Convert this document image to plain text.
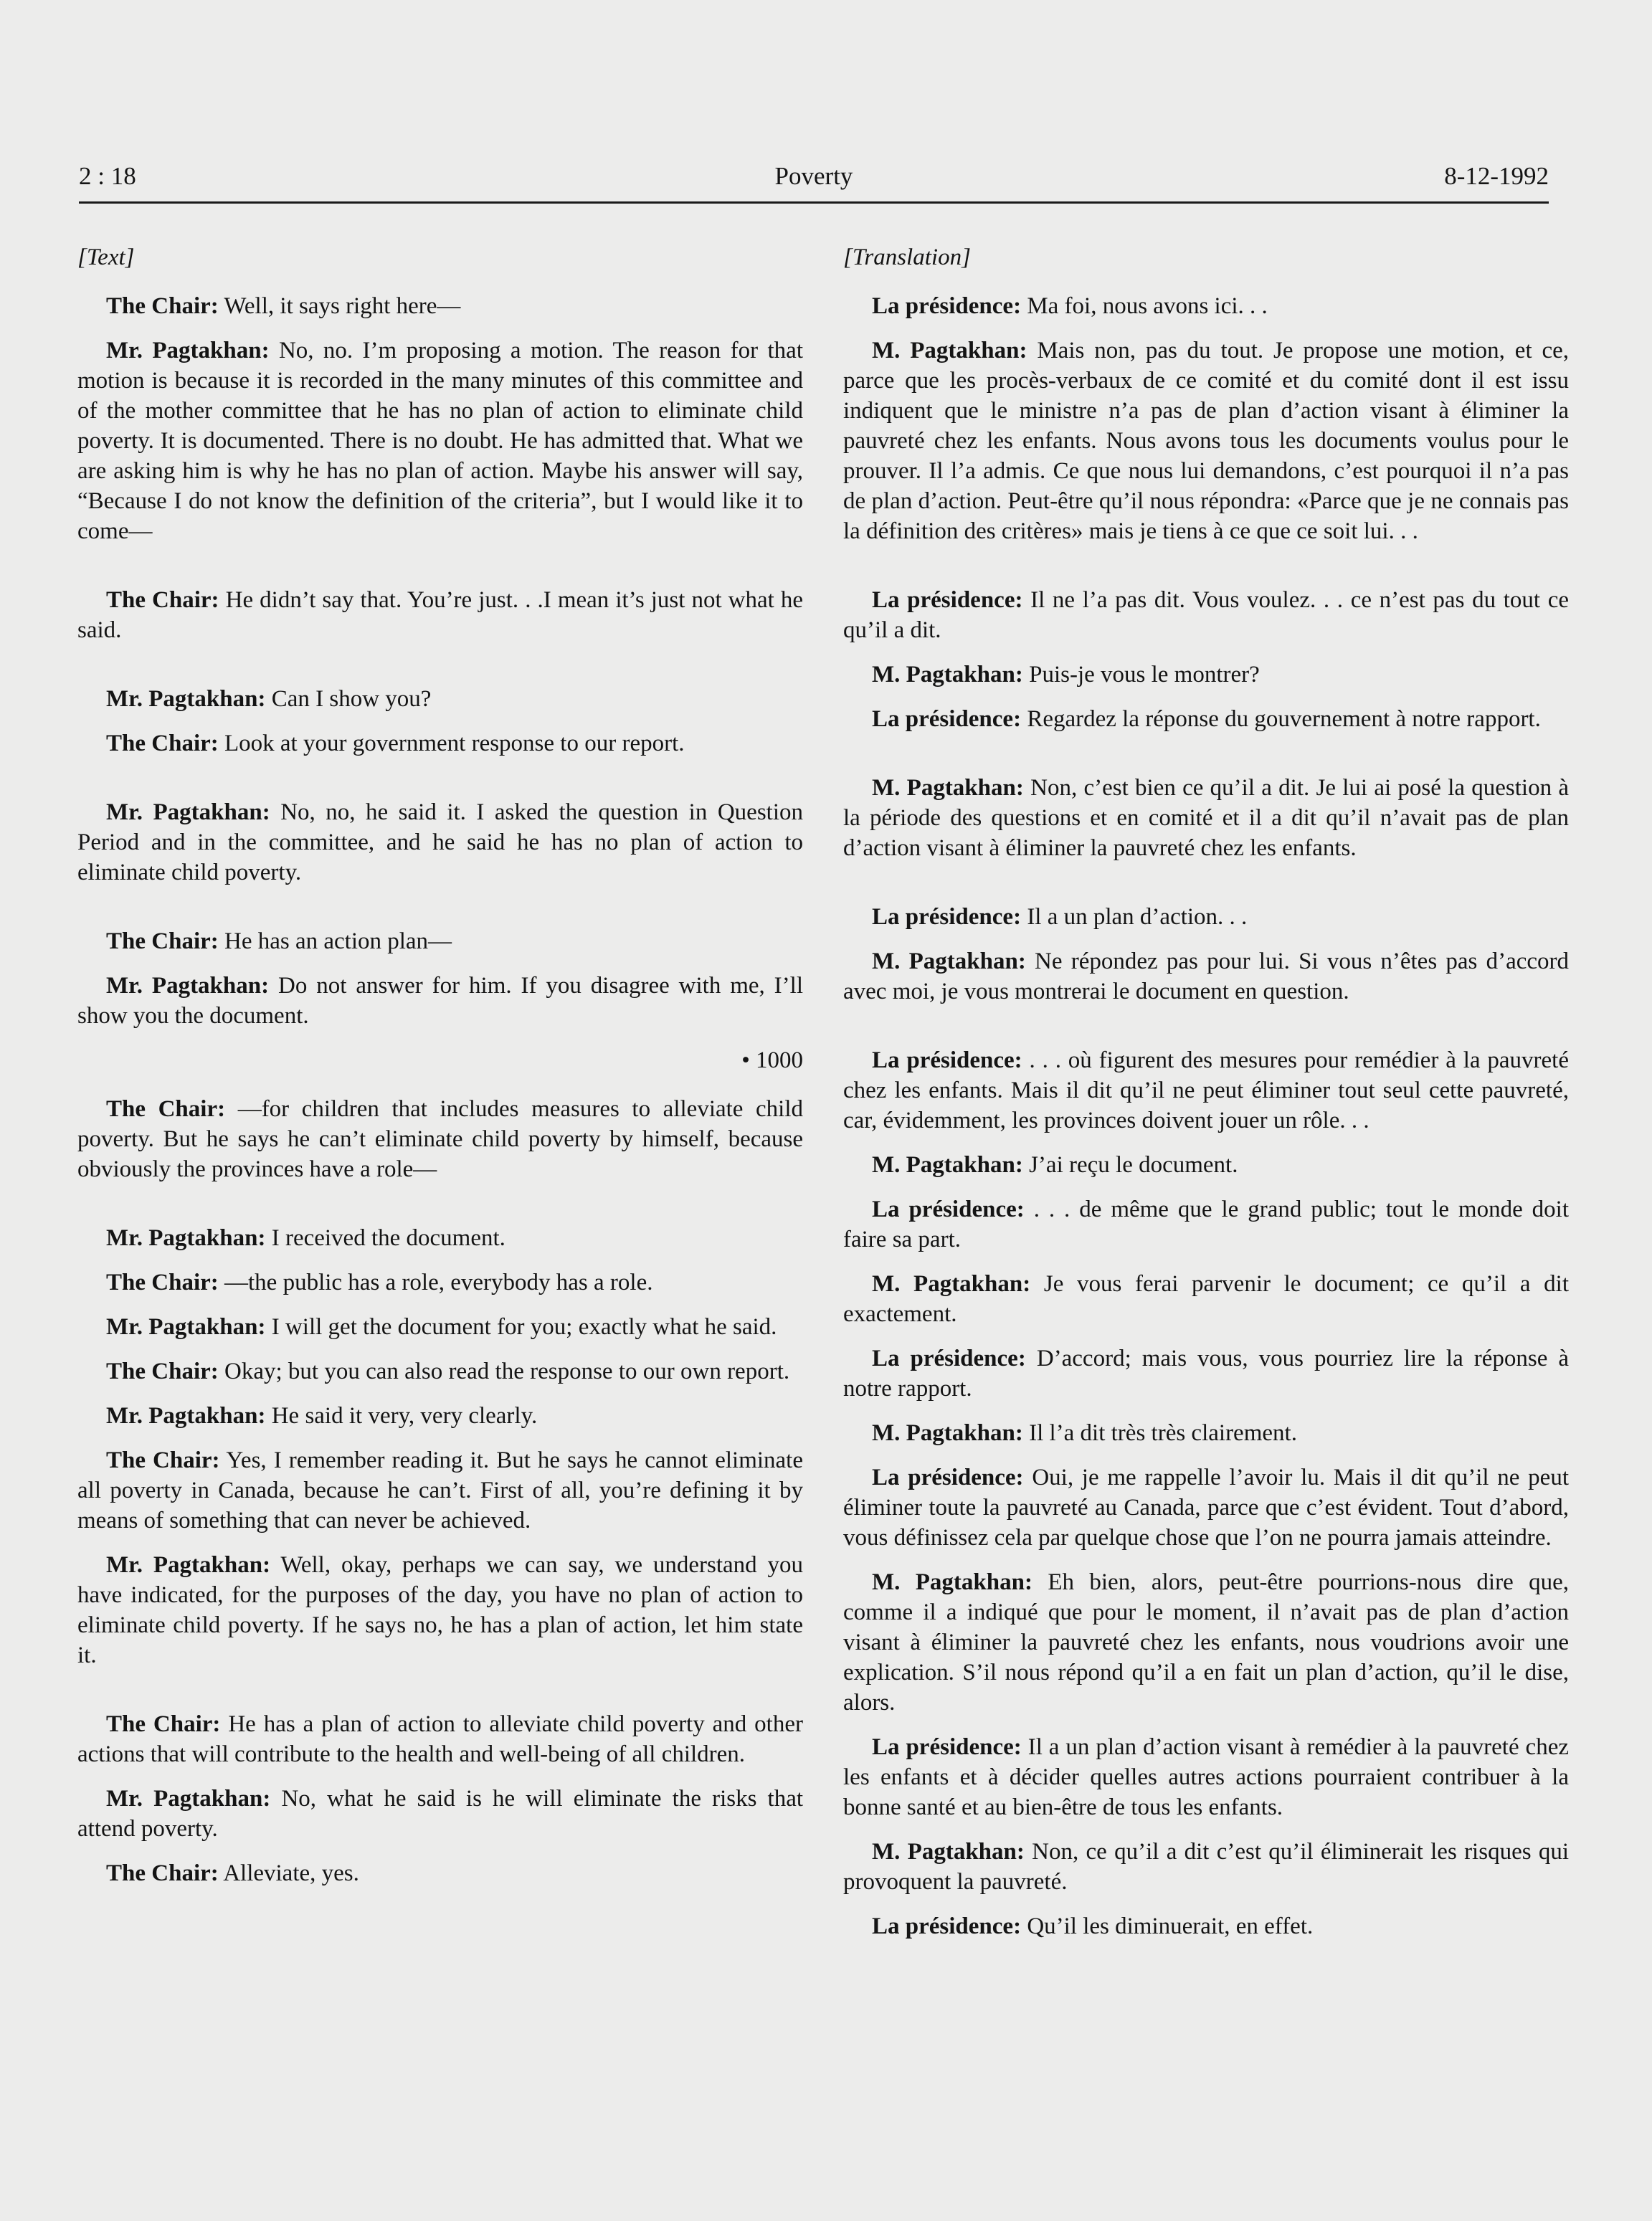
2 : 18	Poverty	8-12-1992
[Text]

The Chair: Well, it says right here—

Mr. Pagtakhan: No, no. I’m proposing a motion. The reason for that motion is because it is recorded in the many minutes of this committee and of the mother committee that he has no plan of action to eliminate child poverty. It is documented. There is no doubt. He has admitted that. What we are asking him is why he has no plan of action. Maybe his answer will say, “Because I do not know the definition of the criteria”, but I would like it to come—

The Chair: He didn’t say that. You’re just. . .I mean it’s just not what he said.

Mr. Pagtakhan: Can I show you?

The Chair: Look at your government response to our report.

Mr. Pagtakhan: No, no, he said it. I asked the question in Question Period and in the committee, and he said he has no plan of action to eliminate child poverty.

The Chair: He has an action plan—

Mr. Pagtakhan: Do not answer for him. If you disagree with me, I’ll show you the document.

• 1000

The Chair: —for children that includes measures to alleviate child poverty. But he says he can’t eliminate child poverty by himself, because obviously the provinces have a role—

Mr. Pagtakhan: I received the document.

The Chair: —the public has a role, everybody has a role.

Mr. Pagtakhan: I will get the document for you; exactly what he said.

The Chair: Okay; but you can also read the response to our own report.

Mr. Pagtakhan: He said it very, very clearly.

The Chair: Yes, I remember reading it. But he says he cannot eliminate all poverty in Canada, because he can’t. First of all, you’re defining it by means of something that can never be achieved.

Mr. Pagtakhan: Well, okay, perhaps we can say, we understand you have indicated, for the purposes of the day, you have no plan of action to eliminate child poverty. If he says no, he has a plan of action, let him state it.

The Chair: He has a plan of action to alleviate child poverty and other actions that will contribute to the health and well-being of all children.

Mr. Pagtakhan: No, what he said is he will eliminate the risks that attend poverty.

The Chair: Alleviate, yes.

[Translation]

La présidence: Ma foi, nous avons ici. . .

M. Pagtakhan: Mais non, pas du tout. Je propose une motion, et ce, parce que les procès-verbaux de ce comité et du comité dont il est issu indiquent que le ministre n’a pas de plan d’action visant à éliminer la pauvreté chez les enfants. Nous avons tous les documents voulus pour le prouver. Il l’a admis. Ce que nous lui demandons, c’est pourquoi il n’a pas de plan d’action. Peut-être qu’il nous répondra: «Parce que je ne connais pas la définition des critères» mais je tiens à ce que ce soit lui. . .

La présidence: Il ne l’a pas dit. Vous voulez. . . ce n’est pas du tout ce qu’il a dit.

M. Pagtakhan: Puis-je vous le montrer?

La présidence: Regardez la réponse du gouvernement à notre rapport.

M. Pagtakhan: Non, c’est bien ce qu’il a dit. Je lui ai posé la question à la période des questions et en comité et il a dit qu’il n’avait pas de plan d’action visant à éliminer la pauvreté chez les enfants.

La présidence: Il a un plan d’action. . .

M. Pagtakhan: Ne répondez pas pour lui. Si vous n’êtes pas d’accord avec moi, je vous montrerai le document en question.

La présidence: . . . où figurent des mesures pour remédier à la pauvreté chez les enfants. Mais il dit qu’il ne peut éliminer tout seul cette pauvreté, car, évidemment, les provinces doivent jouer un rôle. . .

M. Pagtakhan: J’ai reçu le document.

La présidence: . . . de même que le grand public; tout le monde doit faire sa part.

M. Pagtakhan: Je vous ferai parvenir le document; ce qu’il a dit exactement.

La présidence: D’accord; mais vous, vous pourriez lire la réponse à notre rapport.

M. Pagtakhan: Il l’a dit très très clairement.

La présidence: Oui, je me rappelle l’avoir lu. Mais il dit qu’il ne peut éliminer toute la pauvreté au Canada, parce que c’est évident. Tout d’abord, vous définissez cela par quelque chose que l’on ne pourra jamais atteindre.

M. Pagtakhan: Eh bien, alors, peut-être pourrions-nous dire que, comme il a indiqué que pour le moment, il n’avait pas de plan d’action visant à éliminer la pauvreté chez les enfants, nous voudrions avoir une explication. S’il nous répond qu’il a en fait un plan d’action, qu’il le dise, alors.

La présidence: Il a un plan d’action visant à remédier à la pauvreté chez les enfants et à décider quelles autres actions pourraient contribuer à la bonne santé et au bien-être de tous les enfants.

M. Pagtakhan: Non, ce qu’il a dit c’est qu’il éliminerait les risques qui provoquent la pauvreté.

La présidence: Qu’il les diminuerait, en effet.
